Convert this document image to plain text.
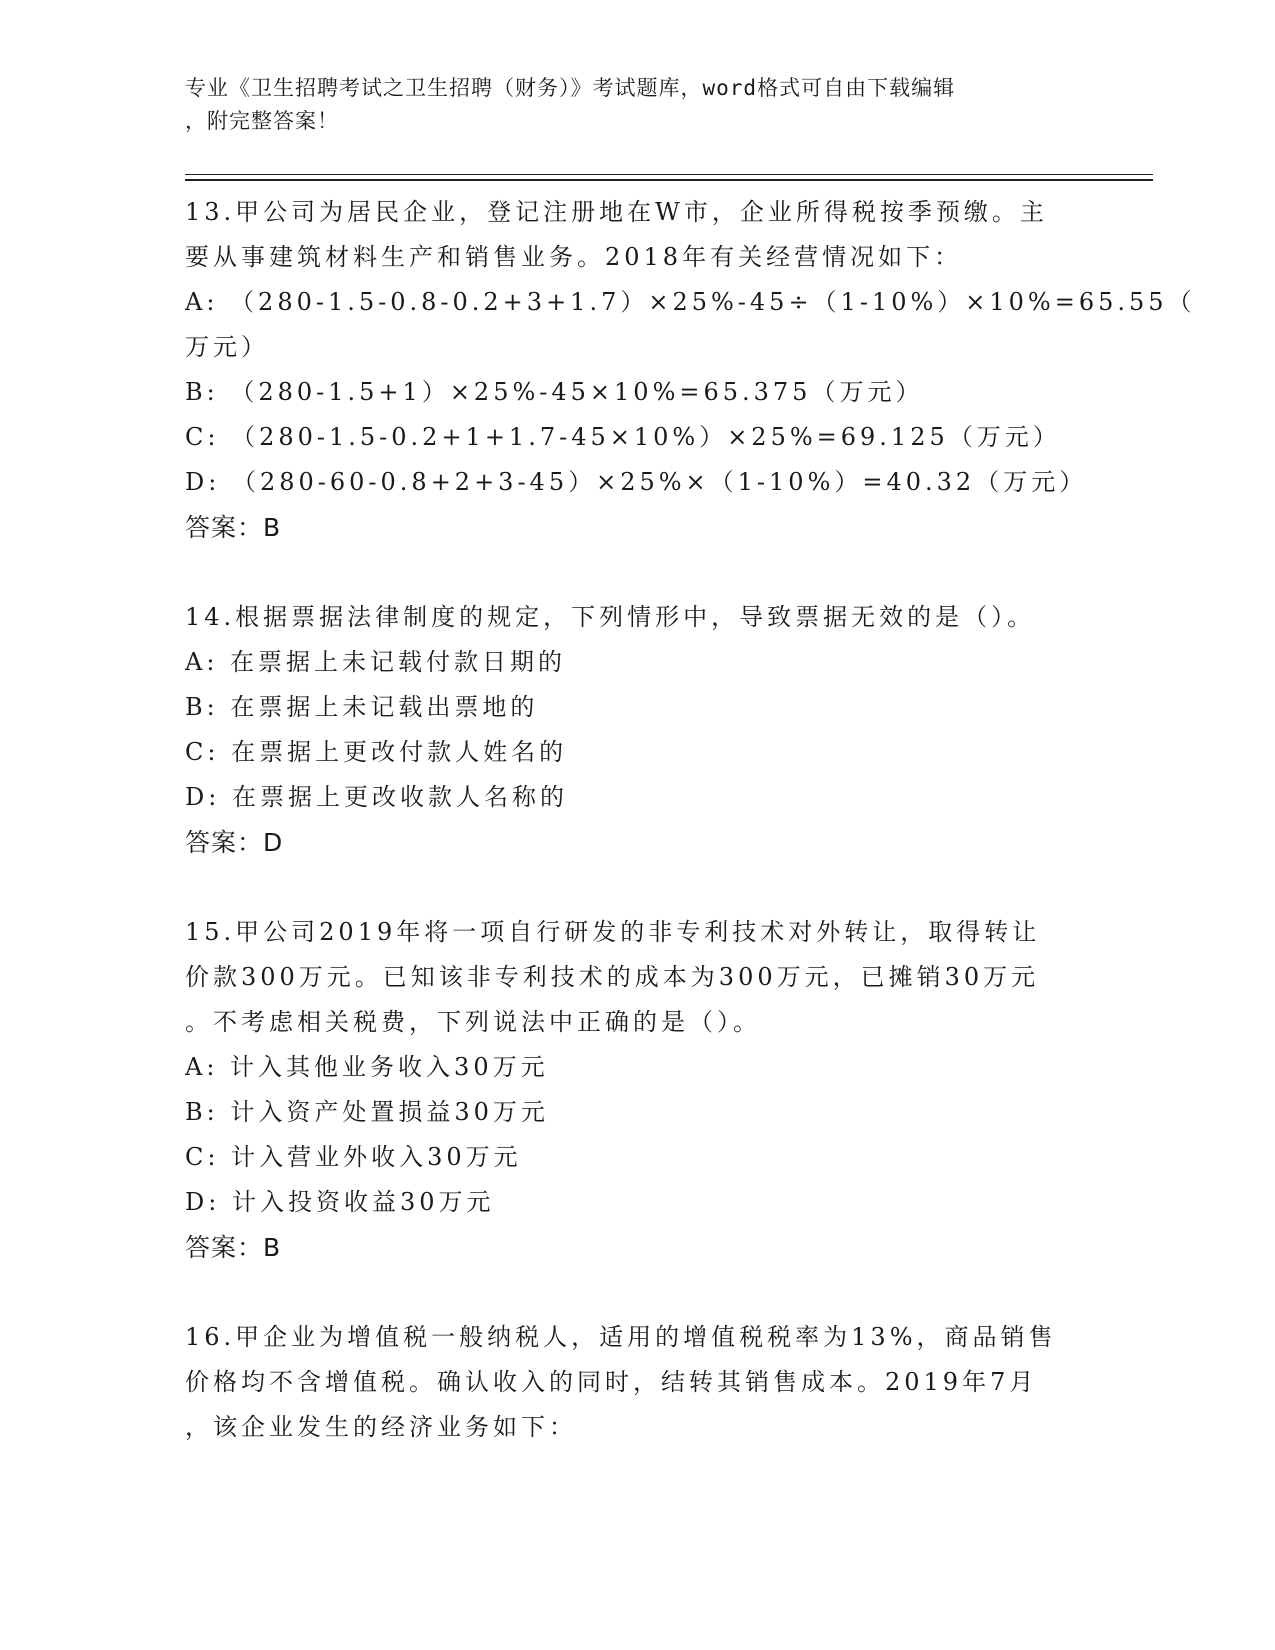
专业《卫生招聘考试之卫生招聘（财务）》考试题库，word格式可自由下载编辑
，附完整答案！
13.甲公司为居民企业，登记注册地在W市，企业所得税按季预缴。主
要从事建筑材料生产和销售业务。2018年有关经营情况如下：
A: （280-1.5-0.8-0.2+3+1.7）×25%-45÷（1-10%）×10%=65.55（
万元）
B: （280-1.5+1）×25%-45×10%=65.375（万元）
C: （280-1.5-0.2+1+1.7-45×10%）×25%=69.125（万元）
D: （280-60-0.8+2+3-45）×25%×（1-10%）=40.32（万元）
答案：B
14.根据票据法律制度的规定，下列情形中，导致票据无效的是（）。
A: 在票据上未记载付款日期的
B: 在票据上未记载出票地的
C: 在票据上更改付款人姓名的
D: 在票据上更改收款人名称的
答案：D
15.甲公司2019年将一项自行研发的非专利技术对外转让，取得转让
价款300万元。已知该非专利技术的成本为300万元，已摊销30万元
。不考虑相关税费，下列说法中正确的是（）。
A: 计入其他业务收入30万元
B: 计入资产处置损益30万元
C: 计入营业外收入30万元
D: 计入投资收益30万元
答案：B
16.甲企业为增值税一般纳税人，适用的增值税税率为13%，商品销售
价格均不含增值税。确认收入的同时，结转其销售成本。2019年7月
，该企业发生的经济业务如下：
